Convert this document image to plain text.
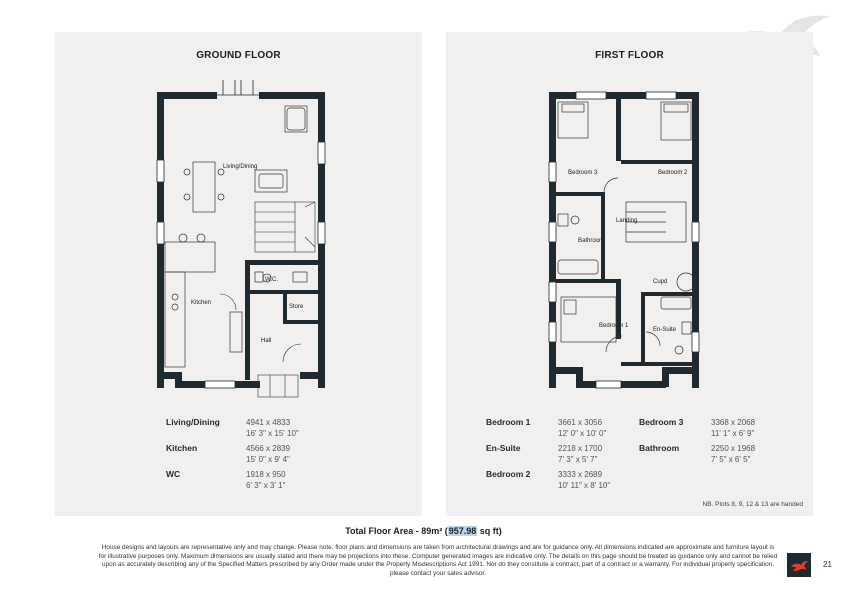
GROUND FLOOR
Living/Dining
Kitchen
W.C.
Store
Hall
Living/Dining	4941 x 4833
16' 3" x 15' 10"
Kitchen	4566 x 2839
15' 0" x 9' 4"
WC	1918 x 950
6' 3" x 3' 1"
FIRST FLOOR
Bedroom 3	Bedroom 2
Landing
Bathroom
Cupd
Bedroom 1
En-Suite
Bedroom 1	3661 x 3056
12' 0" x 10' 0"
En-Suite	2218 x 1700
7' 3" x 5' 7"
Bedroom 2	3333 x 2689
10' 11" x 8' 10"
Bedroom 3	3368 x 2068
11' 1" x 6' 9"
Bathroom	2250 x 1968
7' 5" x 6' 5"
NB. Plots 8, 9, 12 & 13 are handed
Total Floor Area - 89m² (957.98 sq ft)
House designs and layouts are representative only and may change. Please note, floor plans and dimensions are taken from architectural drawings and are for guidance only. All dimensions indicated are approximate and furniture layout is for illustrative purposes only. Maximum dimensions are usually stated and there may be projections into these. Computer generated images are indicative only. The details on this page should be treated as guidance only and cannot be relied upon as accurately describing any of the Specified Matters prescribed by any Order made under the Property Misdescriptions Act 1991. Nor do they constitute a contract, part of a contract or a warranty. For individual property specification, please contact your sales advisor.
21
